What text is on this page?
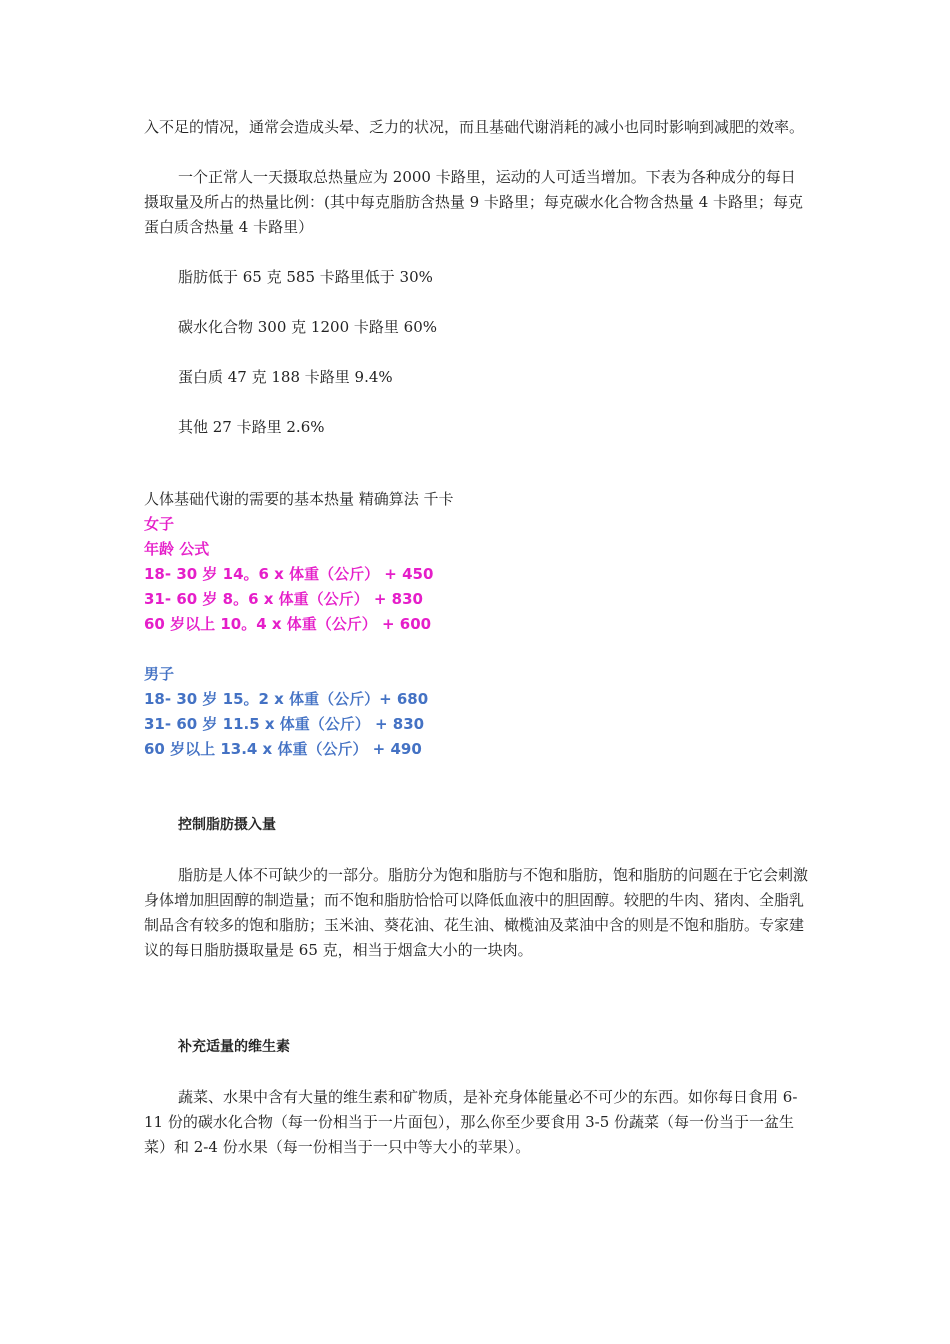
入不足的情况，通常会造成头晕、乏力的状况，而且基础代谢消耗的减小也同时影响到减肥的效率。

一个正常人一天摄取总热量应为 2000 卡路里，运动的人可适当增加。下表为各种成分的每日摄取量及所占的热量比例：(其中每克脂肪含热量 9 卡路里；每克碳水化合物含热量 4 卡路里；每克蛋白质含热量 4 卡路里）

脂肪低于 65 克 585 卡路里低于 30%

碳水化合物 300 克 1200 卡路里 60%

蛋白质 47 克 188 卡路里 9.4%

其他 27 卡路里 2.6%

人体基础代谢的需要的基本热量 精确算法 千卡

女子

年龄 公式

18- 30 岁 14。6 x 体重（公斤） + 450

31- 60 岁 8。6 x 体重（公斤） + 830

60 岁以上 10。4 x 体重（公斤） + 600

男子

18- 30 岁 15。2 x 体重（公斤）+ 680

31- 60 岁 11.5 x 体重（公斤） + 830

60 岁以上 13.4 x 体重（公斤） + 490

控制脂肪摄入量

脂肪是人体不可缺少的一部分。脂肪分为饱和脂肪与不饱和脂肪，饱和脂肪的问题在于它会刺激身体增加胆固醇的制造量；而不饱和脂肪恰恰可以降低血液中的胆固醇。较肥的牛肉、猪肉、全脂乳制品含有较多的饱和脂肪；玉米油、葵花油、花生油、橄榄油及菜油中含的则是不饱和脂肪。专家建议的每日脂肪摄取量是 65 克，相当于烟盒大小的一块肉。

补充适量的维生素

蔬菜、水果中含有大量的维生素和矿物质，是补充身体能量必不可少的东西。如你每日食用 6-11 份的碳水化合物（每一份相当于一片面包），那么你至少要食用 3-5 份蔬菜（每一份当于一盆生菜）和 2-4 份水果（每一份相当于一只中等大小的苹果）。
